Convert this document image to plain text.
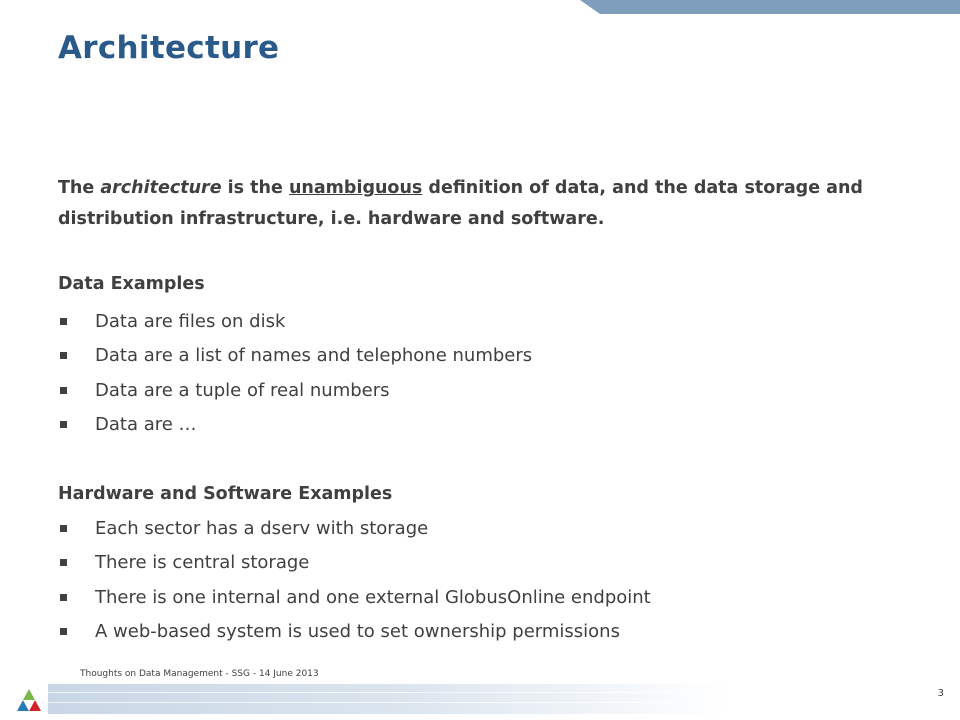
Architecture
The architecture is the unambiguous definition of data, and the data storage and distribution infrastructure, i.e. hardware and software.
Data Examples
Data are files on disk
Data are a list of names and telephone numbers
Data are a tuple of real numbers
Data are …
Hardware and Software Examples
Each sector has a dserv with storage
There is central storage
There is one internal and one external GlobusOnline endpoint
A web-based system is used to set ownership permissions
Thoughts on Data Management - SSG - 14 June 2013
3
